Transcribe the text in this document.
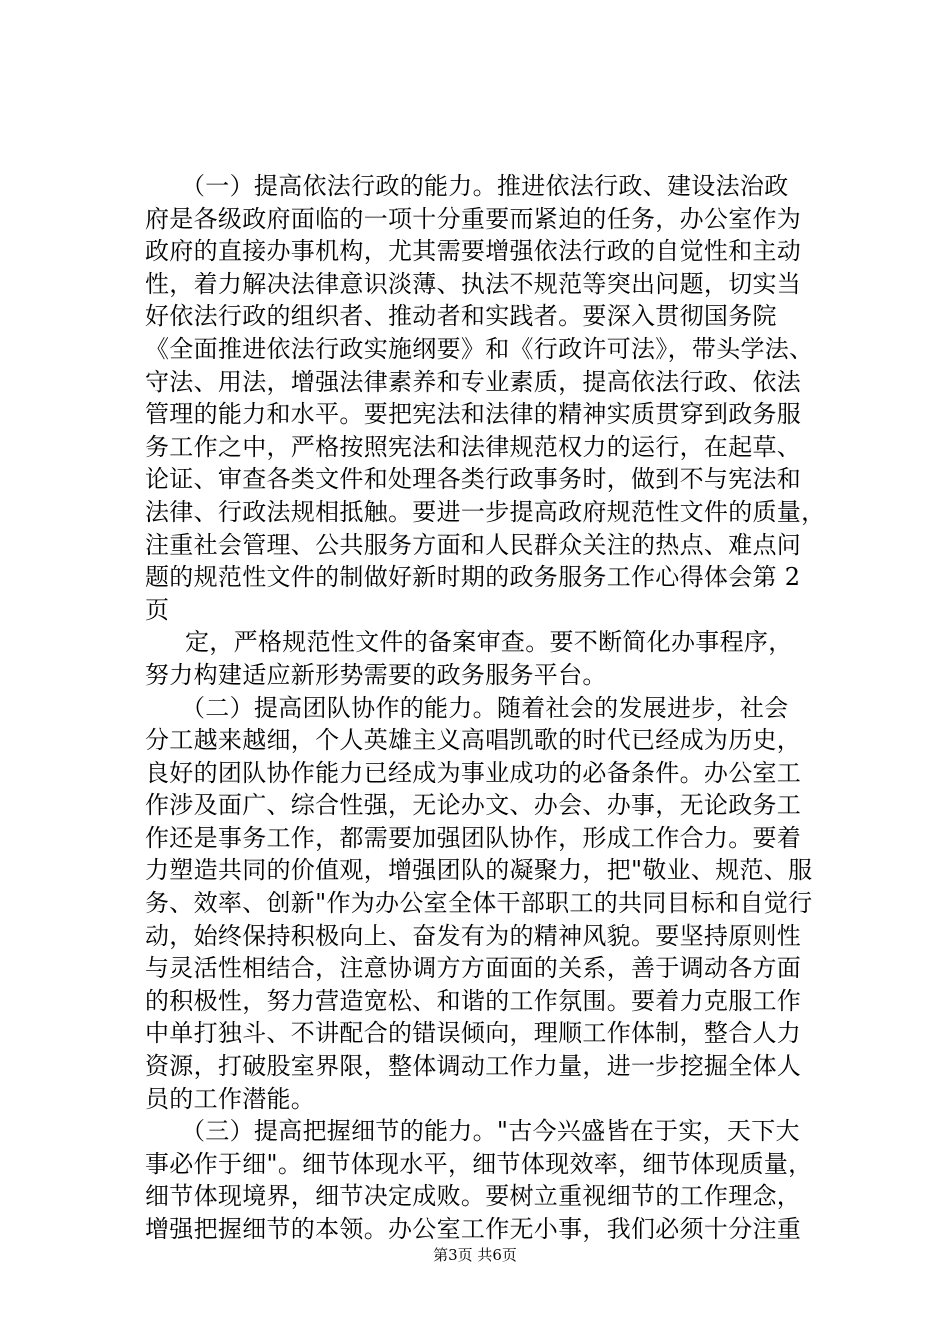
（一）提高依法行政的能力。推进依法行政、建设法治政
府是各级政府面临的一项十分重要而紧迫的任务，办公室作为
政府的直接办事机构，尤其需要增强依法行政的自觉性和主动
性，着力解决法律意识淡薄、执法不规范等突出问题，切实当
好依法行政的组织者、推动者和实践者。要深入贯彻国务院
《全面推进依法行政实施纲要》和《行政许可法》，带头学法、
守法、用法，增强法律素养和专业素质，提高依法行政、依法
管理的能力和水平。要把宪法和法律的精神实质贯穿到政务服
务工作之中，严格按照宪法和法律规范权力的运行，在起草、
论证、审查各类文件和处理各类行政事务时，做到不与宪法和
法律、行政法规相抵触。要进一步提高政府规范性文件的质量，
注重社会管理、公共服务方面和人民群众关注的热点、难点问
题的规范性文件的制做好新时期的政务服务工作心得体会第 2
页
定，严格规范性文件的备案审查。要不断简化办事程序，
努力构建适应新形势需要的政务服务平台。
（二）提高团队协作的能力。随着社会的发展进步，社会
分工越来越细，个人英雄主义高唱凯歌的时代已经成为历史，
良好的团队协作能力已经成为事业成功的必备条件。办公室工
作涉及面广、综合性强，无论办文、办会、办事，无论政务工
作还是事务工作，都需要加强团队协作，形成工作合力。要着
力塑造共同的价值观，增强团队的凝聚力，把"敬业、规范、服
务、效率、创新"作为办公室全体干部职工的共同目标和自觉行
动，始终保持积极向上、奋发有为的精神风貌。要坚持原则性
与灵活性相结合，注意协调方方面面的关系，善于调动各方面
的积极性，努力营造宽松、和谐的工作氛围。要着力克服工作
中单打独斗、不讲配合的错误倾向，理顺工作体制，整合人力
资源，打破股室界限，整体调动工作力量，进一步挖掘全体人
员的工作潜能。
（三）提高把握细节的能力。"古今兴盛皆在于实，天下大
事必作于细"。细节体现水平，细节体现效率，细节体现质量，
细节体现境界，细节决定成败。要树立重视细节的工作理念，
增强把握细节的本领。办公室工作无小事，我们必须十分注重
第3页 共6页
